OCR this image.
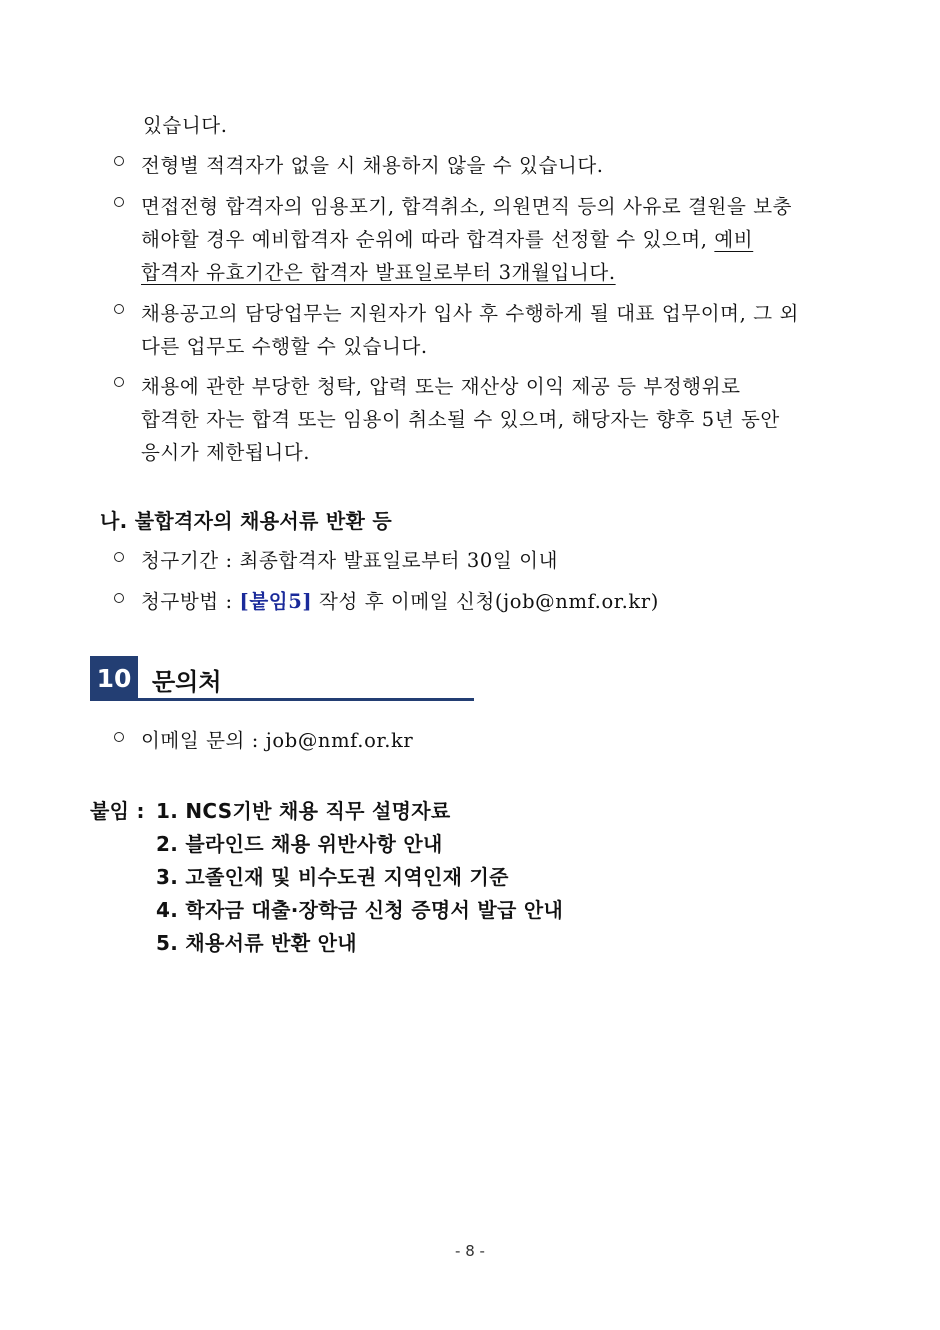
있습니다.
전형별 적격자가 없을 시 채용하지 않을 수 있습니다.
면접전형 합격자의 임용포기, 합격취소, 의원면직 등의 사유로 결원을 보충
해야할 경우 예비합격자 순위에 따라 합격자를 선정할 수 있으며, 예비
합격자 유효기간은 합격자 발표일로부터 3개월입니다.
채용공고의 담당업무는 지원자가 입사 후 수행하게 될 대표 업무이며, 그 외
다른 업무도 수행할 수 있습니다.
채용에 관한 부당한 청탁, 압력 또는 재산상 이익 제공 등 부정행위로
합격한 자는 합격 또는 임용이 취소될 수 있으며, 해당자는 향후 5년 동안
응시가 제한됩니다.
나. 불합격자의 채용서류 반환 등
청구기간 : 최종합격자 발표일로부터 30일 이내
청구방법 : [붙임5] 작성 후 이메일 신청(job@nmf.or.kr)
10 문의처
이메일 문의 : job@nmf.or.kr
붙임 : 1. NCS기반 채용 직무 설명자료
2. 블라인드 채용 위반사항 안내
3. 고졸인재 및 비수도권 지역인재 기준
4. 학자금 대출·장학금 신청 증명서 발급 안내
5. 채용서류 반환 안내
- 8 -
